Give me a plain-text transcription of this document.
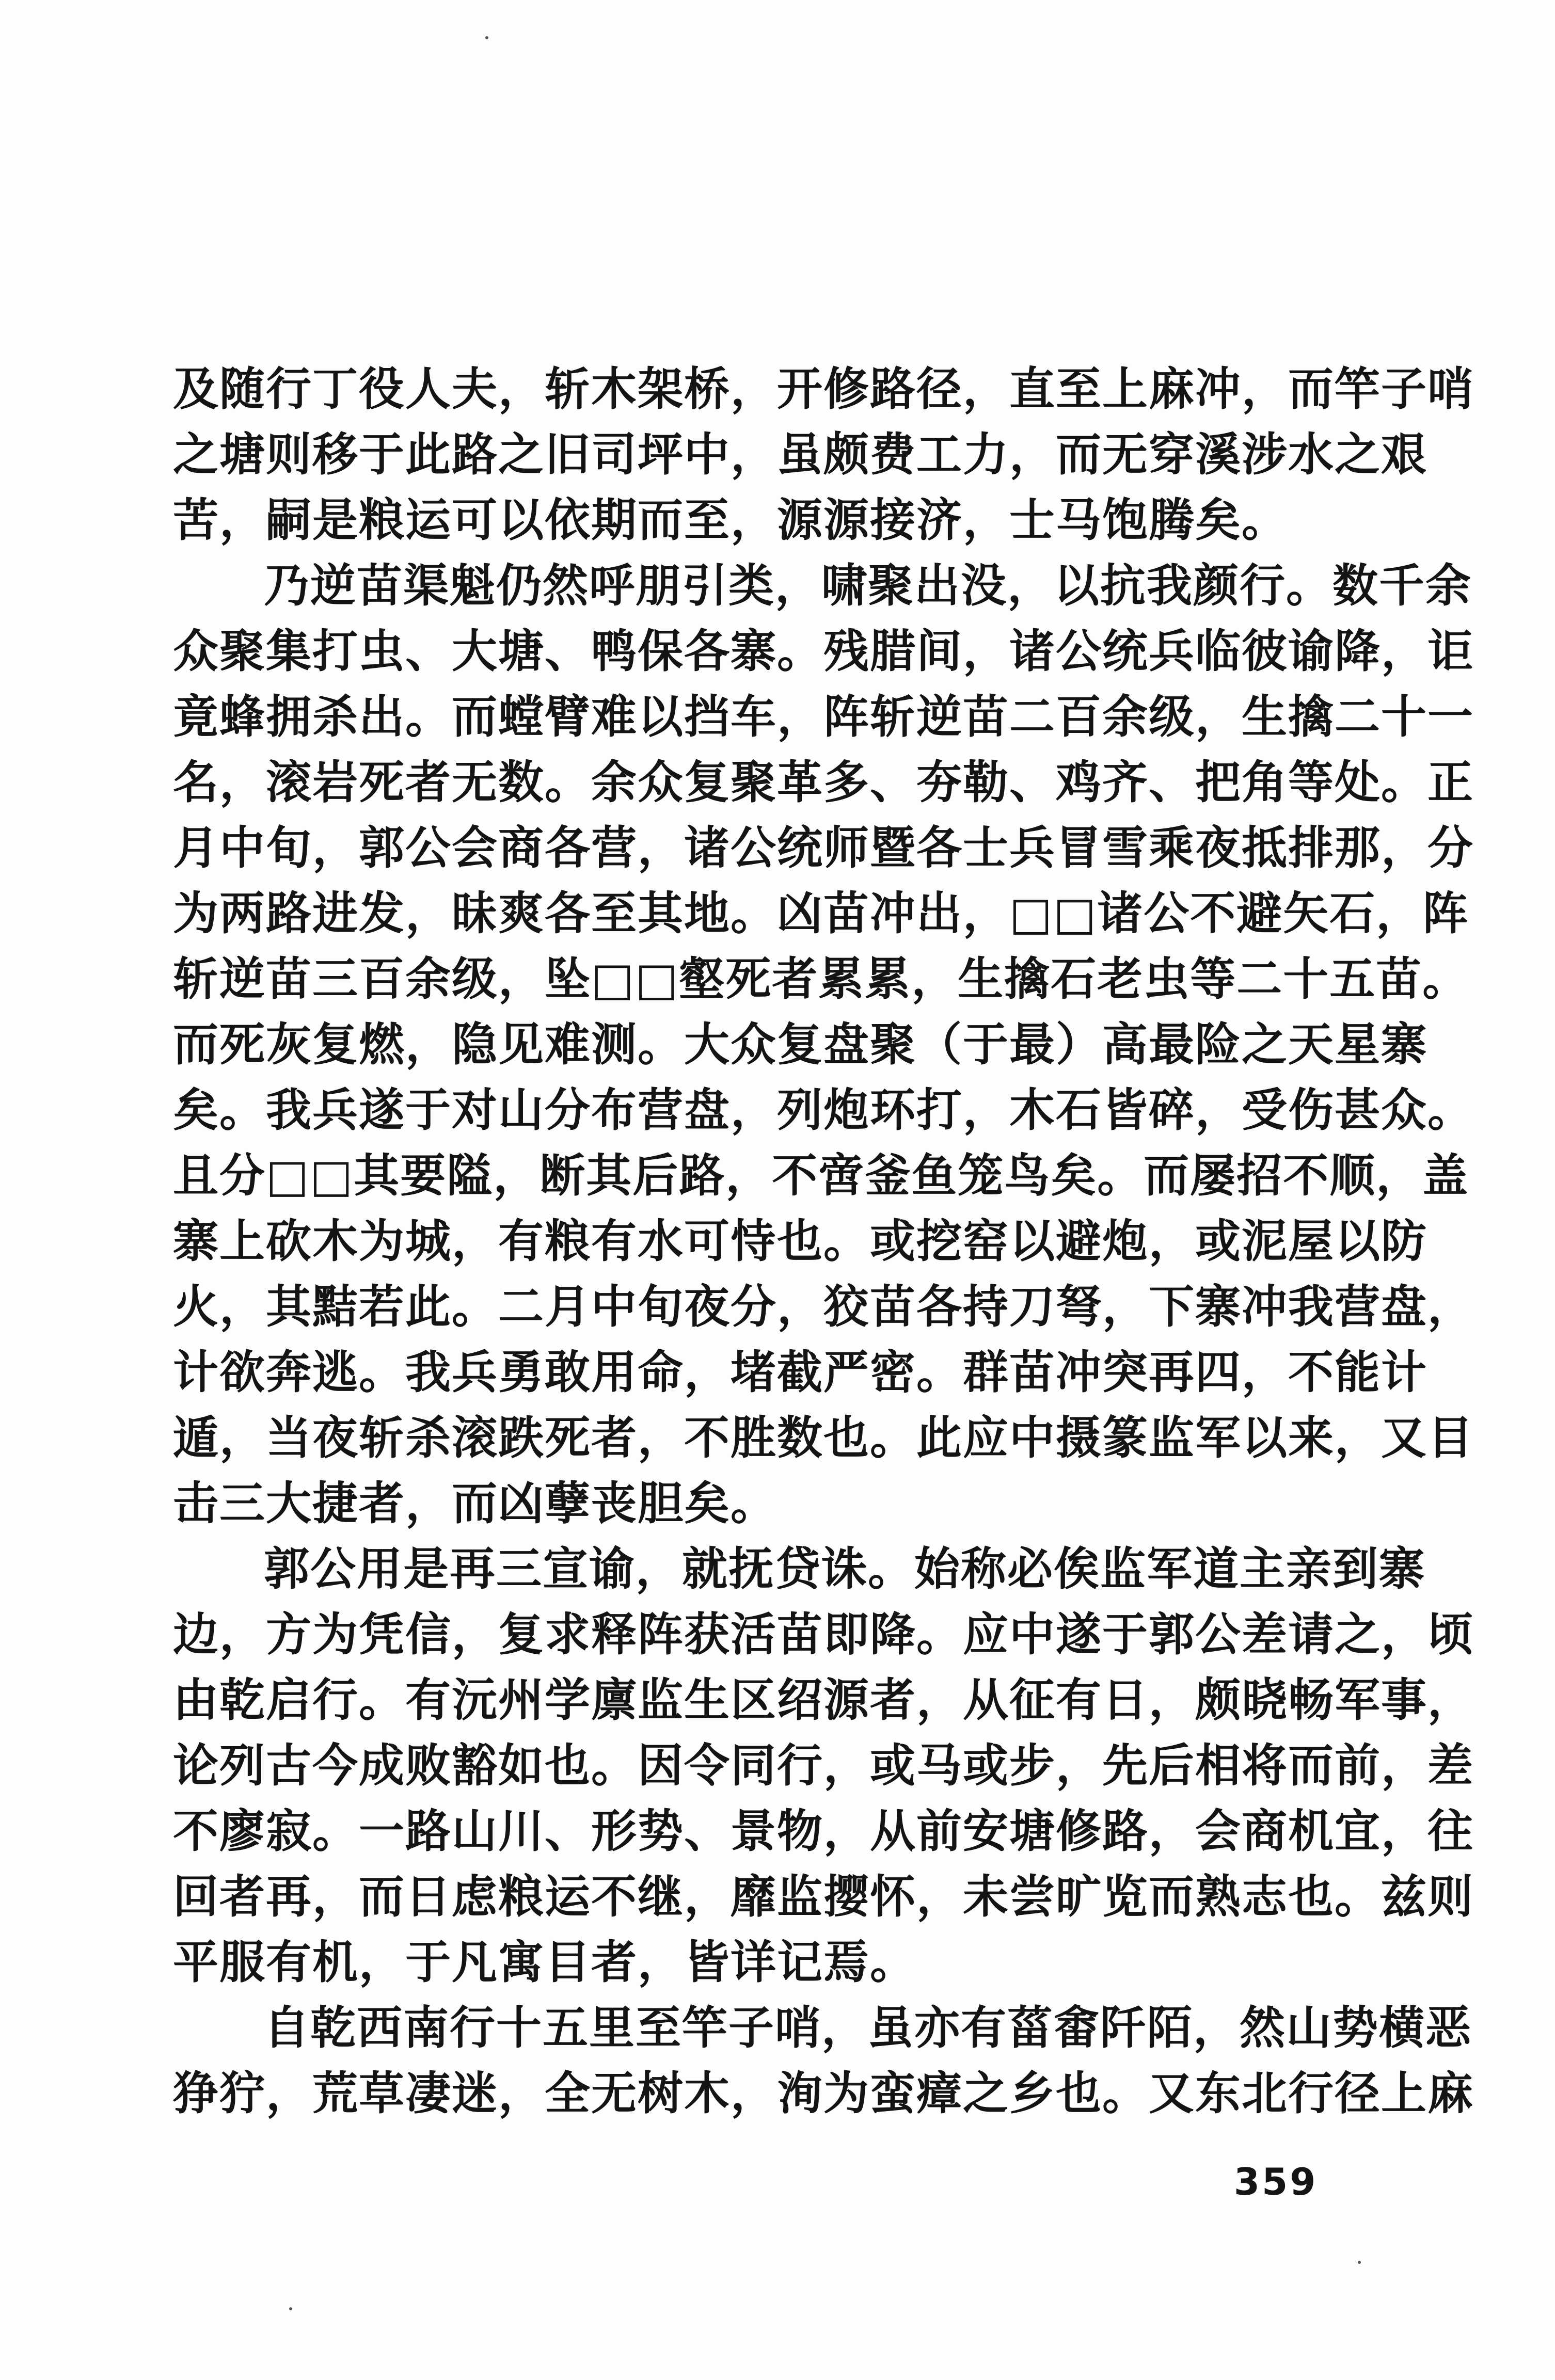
及随行丁役人夫，斩木架桥，开修路径，直至上麻冲，而竿子哨
之塘则移于此路之旧司坪中，虽颇费工力，而无穿溪涉水之艰
苦，嗣是粮运可以依期而至，源源接济，士马饱腾矣。
乃逆苗渠魁仍然呼朋引类，啸聚出没，以抗我颜行。数千余
众聚集打虫、大塘、鸭保各寨。残腊间，诸公统兵临彼谕降，讵
竟蜂拥杀出。而螳臂难以挡车，阵斩逆苗二百余级，生擒二十一
名，滚岩死者无数。余众复聚革多、夯勒、鸡齐、把角等处。正
月中旬，郭公会商各营，诸公统师暨各士兵冒雪乘夜抵排那，分
为两路进发，昧爽各至其地。凶苗冲出，□□诸公不避矢石，阵
斩逆苗三百余级，坠□□壑死者累累，生擒石老虫等二十五苗。
而死灰复燃，隐见难测。大众复盘聚（于最）高最险之天星寨
矣。我兵遂于对山分布营盘，列炮环打，木石皆碎，受伤甚众。
且分□□其要隘，断其后路，不啻釜鱼笼鸟矣。而屡招不顺，盖
寨上砍木为城，有粮有水可恃也。或挖窑以避炮，或泥屋以防
火，其黠若此。二月中旬夜分，狡苗各持刀弩，下寨冲我营盘，
计欲奔逃。我兵勇敢用命，堵截严密。群苗冲突再四，不能计
遁，当夜斩杀滚跌死者，不胜数也。此应中摄篆监军以来，又目
击三大捷者，而凶孽丧胆矣。
郭公用是再三宣谕，就抚贷诛。始称必俟监军道主亲到寨
边，方为凭信，复求释阵获活苗即降。应中遂于郭公差请之，顷
由乾启行。有沅州学廪监生区绍源者，从征有日，颇晓畅军事，
论列古今成败豁如也。因令同行，或马或步，先后相将而前，差
不廖寂。一路山川、形势、景物，从前安塘修路，会商机宜，往
回者再，而日虑粮运不继，靡监撄怀，未尝旷览而熟志也。兹则
平服有机，于凡寓目者，皆详记焉。
自乾西南行十五里至竿子哨，虽亦有菑畬阡陌，然山势横恶
狰狞，荒草凄迷，全无树木，洵为蛮瘴之乡也。又东北行径上麻
359
